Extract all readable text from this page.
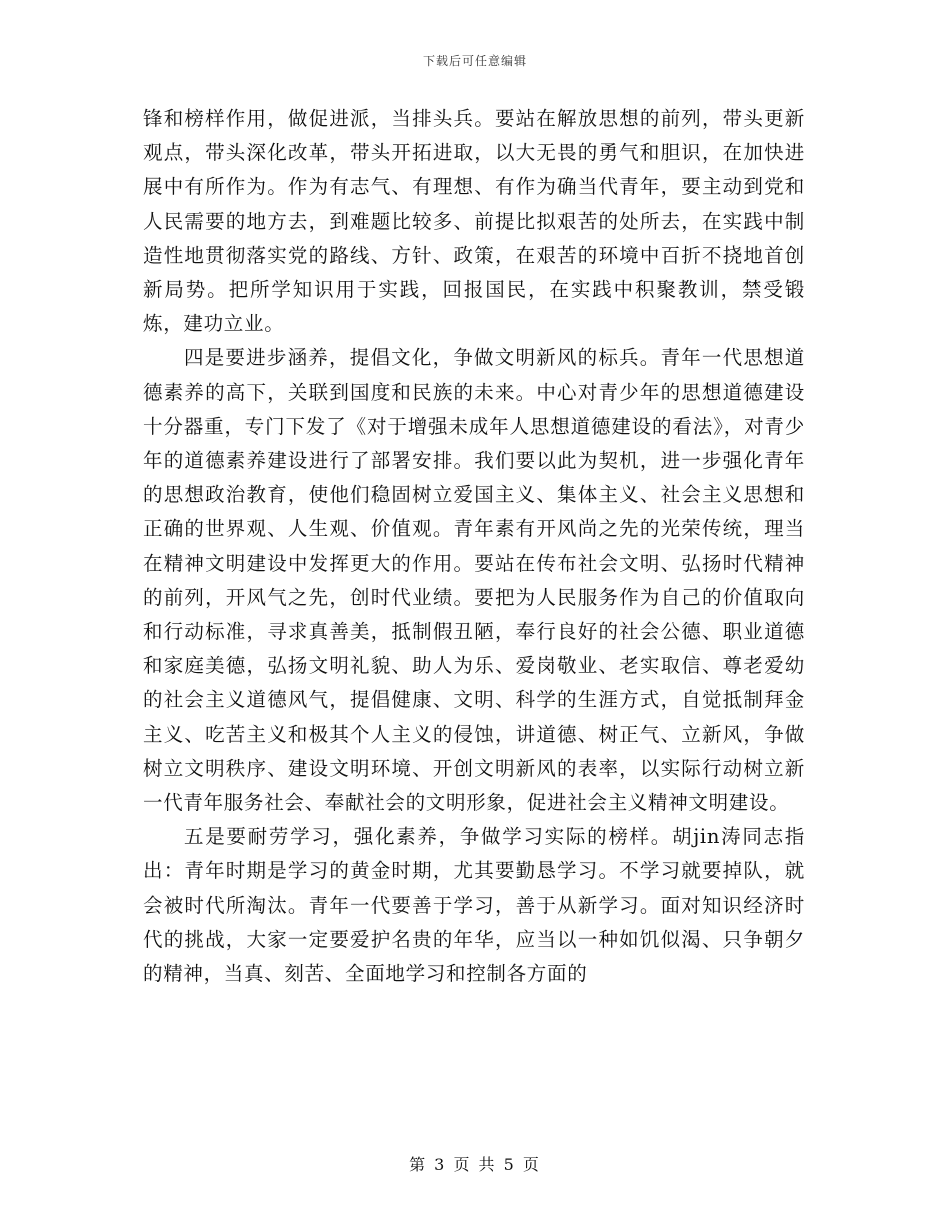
下载后可任意编辑

锋和榜样作用，做促进派，当排头兵。要站在解放思想的前列，带头更新观点，带头深化改革，带头开拓进取，以大无畏的勇气和胆识，在加快进展中有所作为。作为有志气、有理想、有作为确当代青年，要主动到党和人民需要的地方去，到难题比较多、前提比拟艰苦的处所去，在实践中制造性地贯彻落实党的路线、方针、政策，在艰苦的环境中百折不挠地首创新局势。把所学知识用于实践，回报国民，在实践中积聚教训，禁受锻炼，建功立业。

四是要进步涵养，提倡文化，争做文明新风的标兵。青年一代思想道德素养的高下，关联到国度和民族的未来。中心对青少年的思想道德建设十分器重，专门下发了《对于增强未成年人思想道德建设的看法》，对青少年的道德素养建设进行了部署安排。我们要以此为契机，进一步强化青年的思想政治教育，使他们稳固树立爱国主义、集体主义、社会主义思想和正确的世界观、人生观、价值观。青年素有开风尚之先的光荣传统，理当在精神文明建设中发挥更大的作用。要站在传布社会文明、弘扬时代精神的前列，开风气之先，创时代业绩。要把为人民服务作为自己的价值取向和行动标准，寻求真善美，抵制假丑陋，奉行良好的社会公德、职业道德和家庭美德，弘扬文明礼貌、助人为乐、爱岗敬业、老实取信、尊老爱幼的社会主义道德风气，提倡健康、文明、科学的生涯方式，自觉抵制拜金主义、吃苦主义和极其个人主义的侵蚀，讲道德、树正气、立新风，争做树立文明秩序、建设文明环境、开创文明新风的表率，以实际行动树立新一代青年服务社会、奉献社会的文明形象，促进社会主义精神文明建设。

五是要耐劳学习，强化素养，争做学习实际的榜样。胡jin涛同志指出：青年时期是学习的黄金时期，尤其要勤恳学习。不学习就要掉队，就会被时代所淘汰。青年一代要善于学习，善于从新学习。面对知识经济时代的挑战，大家一定要爱护名贵的年华，应当以一种如饥似渴、只争朝夕的精神，当真、刻苦、全面地学习和控制各方面的

第 3 页 共 5 页
